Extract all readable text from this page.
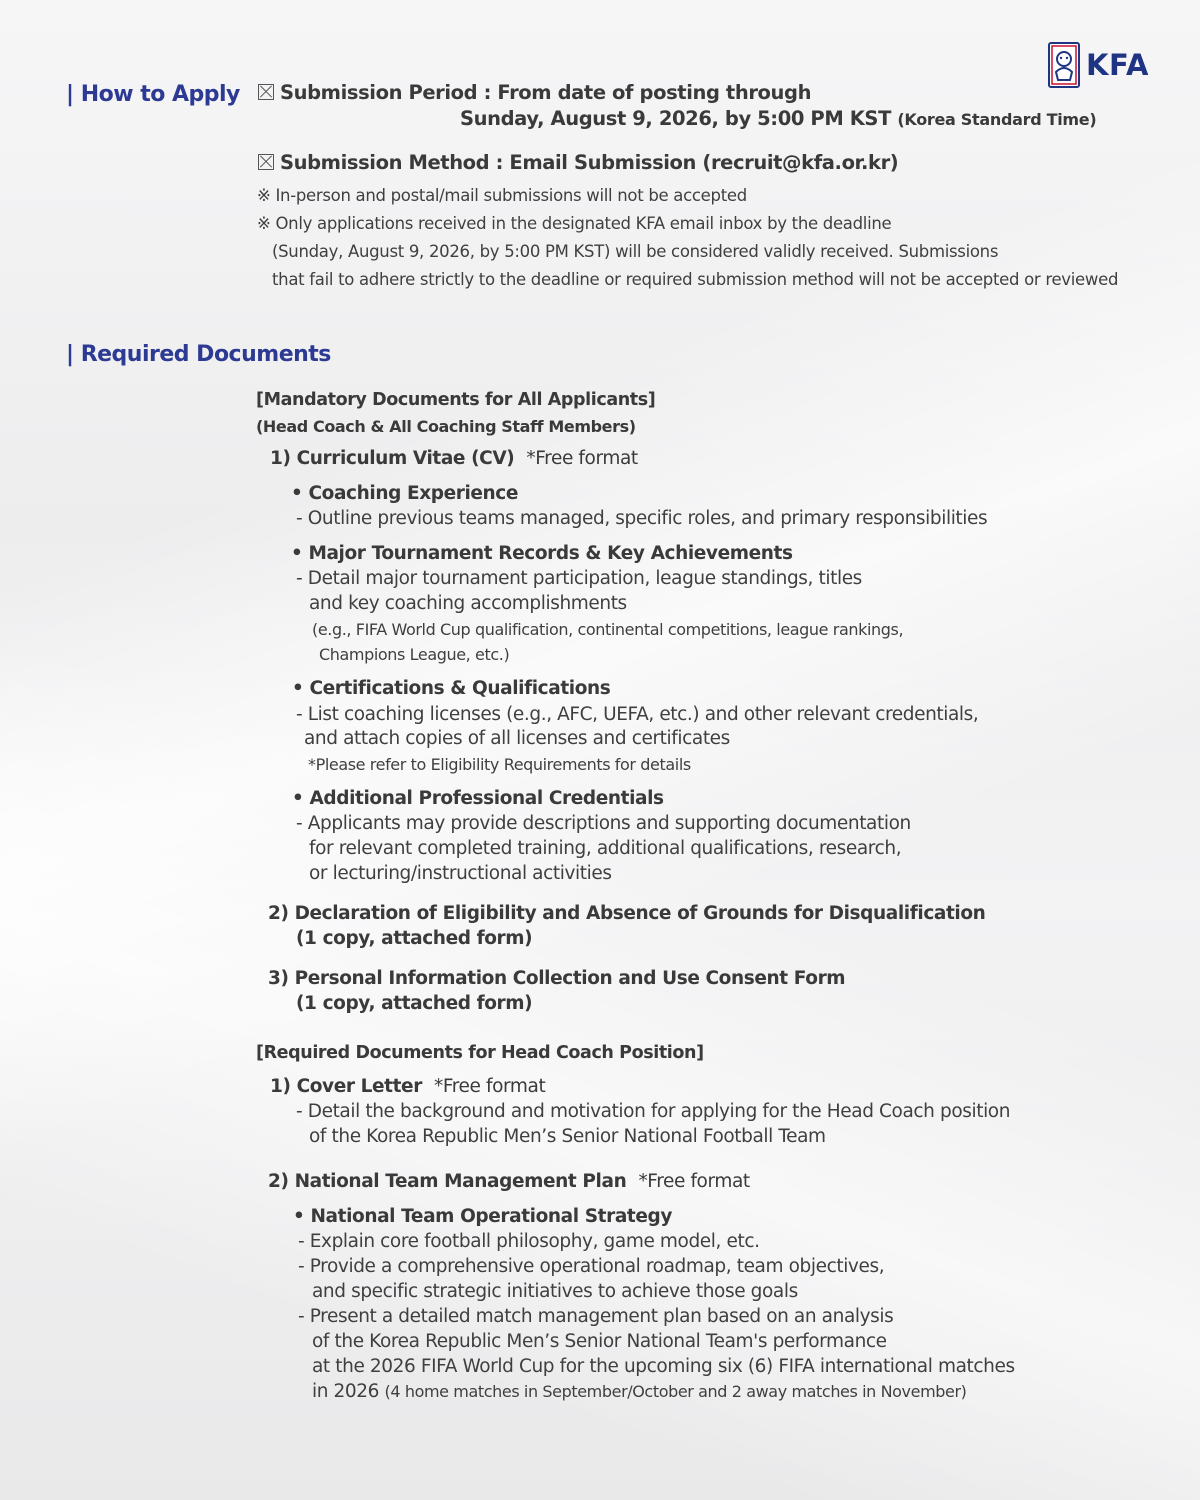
KFA
| How to Apply	Submission Period : From date of posting through
Sunday, August 9, 2026, by 5:00 PM KST (Korea Standard Time)
Submission Method : Email Submission (recruit@kfa.or.kr)
※ In-person and postal/mail submissions will not be accepted
※ Only applications received in the designated KFA email inbox by the deadline
(Sunday, August 9, 2026, by 5:00 PM KST) will be considered validly received. Submissions
that fail to adhere strictly to the deadline or required submission method will not be accepted or reviewed
| Required Documents
[Mandatory Documents for All Applicants]
(Head Coach & All Coaching Staff Members)
1) Curriculum Vitae (CV) *Free format
• Coaching Experience
- Outline previous teams managed, specific roles, and primary responsibilities
• Major Tournament Records & Key Achievements
- Detail major tournament participation, league standings, titles
and key coaching accomplishments
(e.g., FIFA World Cup qualification, continental competitions, league rankings,
Champions League, etc.)
• Certifications & Qualifications
- List coaching licenses (e.g., AFC, UEFA, etc.) and other relevant credentials,
and attach copies of all licenses and certificates
*Please refer to Eligibility Requirements for details
• Additional Professional Credentials
- Applicants may provide descriptions and supporting documentation
for relevant completed training, additional qualifications, research,
or lecturing/instructional activities
2) Declaration of Eligibility and Absence of Grounds for Disqualification
(1 copy, attached form)
3) Personal Information Collection and Use Consent Form
(1 copy, attached form)
[Required Documents for Head Coach Position]
1) Cover Letter *Free format
- Detail the background and motivation for applying for the Head Coach position
of the Korea Republic Men’s Senior National Football Team
2) National Team Management Plan *Free format
• National Team Operational Strategy
- Explain core football philosophy, game model, etc.
- Provide a comprehensive operational roadmap, team objectives,
and specific strategic initiatives to achieve those goals
- Present a detailed match management plan based on an analysis
of the Korea Republic Men’s Senior National Team's performance
at the 2026 FIFA World Cup for the upcoming six (6) FIFA international matches
in 2026 (4 home matches in September/October and 2 away matches in November)
